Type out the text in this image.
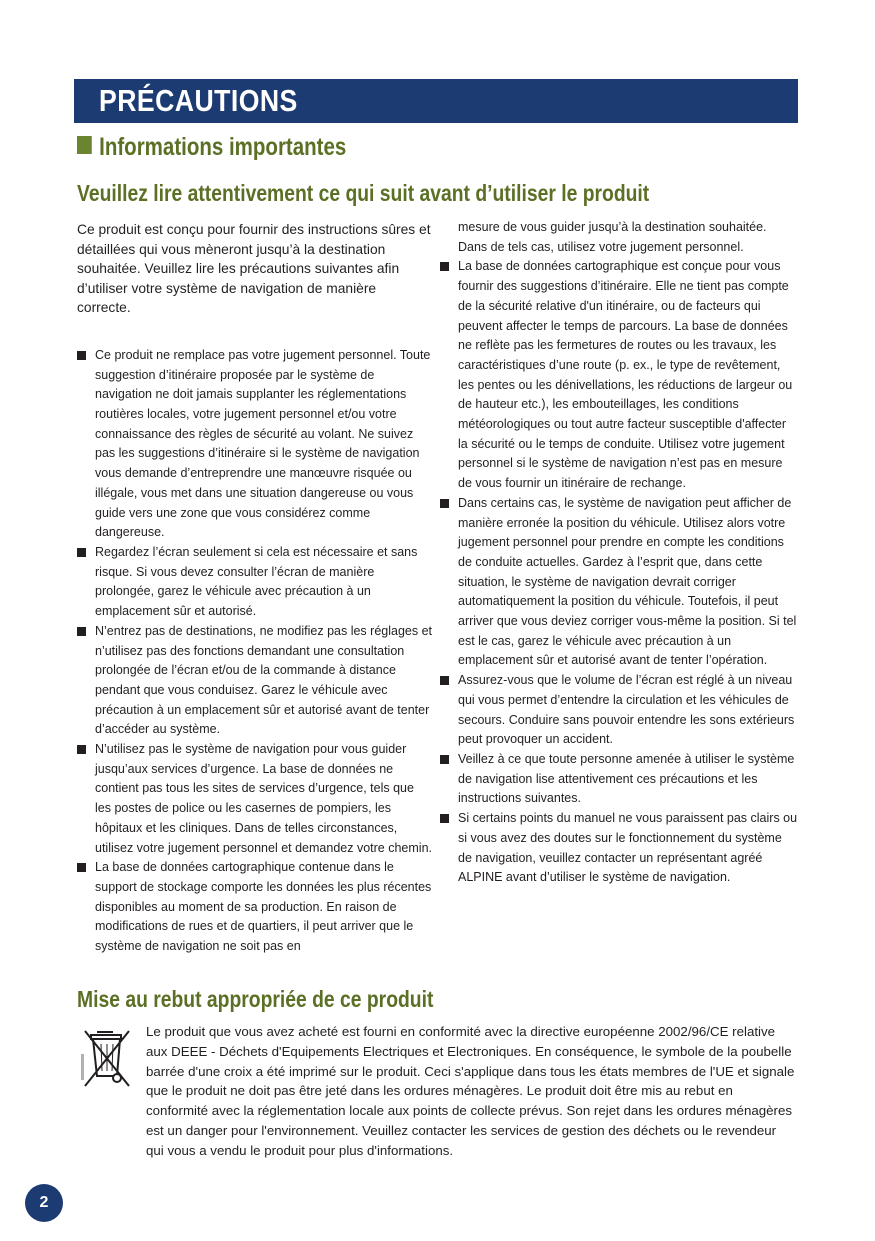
PRÉCAUTIONS
Informations importantes
Veuillez lire attentivement ce qui suit avant d’utiliser le produit

Ce produit est conçu pour fournir des instructions sûres et détaillées qui vous mèneront jusqu’à la destination souhaitée. Veuillez lire les précautions suivantes afin d’utiliser votre système de navigation de manière correcte.

Ce produit ne remplace pas votre jugement personnel. Toute suggestion d’itinéraire proposée par le système de navigation ne doit jamais supplanter les réglementations routières locales, votre jugement personnel et/ou votre connaissance des règles de sécurité au volant. Ne suivez pas les suggestions d’itinéraire si le système de navigation vous demande d’entreprendre une manœuvre risquée ou illégale, vous met dans une situation dangereuse ou vous guide vers une zone que vous considérez comme dangereuse.
Regardez l’écran seulement si cela est nécessaire et sans risque. Si vous devez consulter l’écran de manière prolongée, garez le véhicule avec précaution à un emplacement sûr et autorisé.
N’entrez pas de destinations, ne modifiez pas les réglages et n’utilisez pas des fonctions demandant une consultation prolongée de l’écran et/ou de la commande à distance pendant que vous conduisez. Garez le véhicule avec précaution à un emplacement sûr et autorisé avant de tenter d’accéder au système.
N’utilisez pas le système de navigation pour vous guider jusqu’aux services d’urgence. La base de données ne contient pas tous les sites de services d’urgence, tels que les postes de police ou les casernes de pompiers, les hôpitaux et les cliniques. Dans de telles circonstances, utilisez votre jugement personnel et demandez votre chemin.
La base de données cartographique contenue dans le support de stockage comporte les données les plus récentes disponibles au moment de sa production. En raison de modifications de rues et de quartiers, il peut arriver que le système de navigation ne soit pas en

mesure de vous guider jusqu’à la destination souhaitée. Dans de tels cas, utilisez votre jugement personnel.

La base de données cartographique est conçue pour vous fournir des suggestions d’itinéraire. Elle ne tient pas compte de la sécurité relative d'un itinéraire, ou de facteurs qui peuvent affecter le temps de parcours. La base de données ne reflète pas les fermetures de routes ou les travaux, les caractéristiques d’une route (p. ex., le type de revêtement, les pentes ou les dénivellations, les réductions de largeur ou de hauteur etc.), les embouteillages, les conditions météorologiques ou tout autre facteur susceptible d'affecter la sécurité ou le temps de conduite. Utilisez votre jugement personnel si le système de navigation n’est pas en mesure de vous fournir un itinéraire de rechange.
Dans certains cas, le système de navigation peut afficher de manière erronée la position du véhicule. Utilisez alors votre jugement personnel pour prendre en compte les conditions de conduite actuelles. Gardez à l’esprit que, dans cette situation, le système de navigation devrait corriger automatiquement la position du véhicule. Toutefois, il peut arriver que vous deviez corriger vous-même la position. Si tel est le cas, garez le véhicule avec précaution à un emplacement sûr et autorisé avant de tenter l’opération.
Assurez-vous que le volume de l’écran est réglé à un niveau qui vous permet d’entendre la circulation et les véhicules de secours. Conduire sans pouvoir entendre les sons extérieurs peut provoquer un accident.
Veillez à ce que toute personne amenée à utiliser le système de navigation lise attentivement ces précautions et les instructions suivantes.
Si certains points du manuel ne vous paraissent pas clairs ou si vous avez des doutes sur le fonctionnement du système de navigation, veuillez contacter un représentant agréé ALPINE avant d’utiliser le système de navigation.
Mise au rebut appropriée de ce produit
Le produit que vous avez acheté est fourni en conformité avec la directive européenne 2002/96/CE relative aux DEEE - Déchets d'Equipements Electriques et Electroniques. En conséquence, le symbole de la poubelle barrée d'une croix a été imprimé sur le produit. Ceci s'applique dans tous les états membres de l'UE et signale que le produit ne doit pas être jeté dans les ordures ménagères. Le produit doit être mis au rebut en conformité avec la réglementation locale aux points de collecte prévus. Son rejet dans les ordures ménagères est un danger pour l'environnement. Veuillez contacter les services de gestion des déchets ou le revendeur qui vous a vendu le produit pour plus d'informations.
2
